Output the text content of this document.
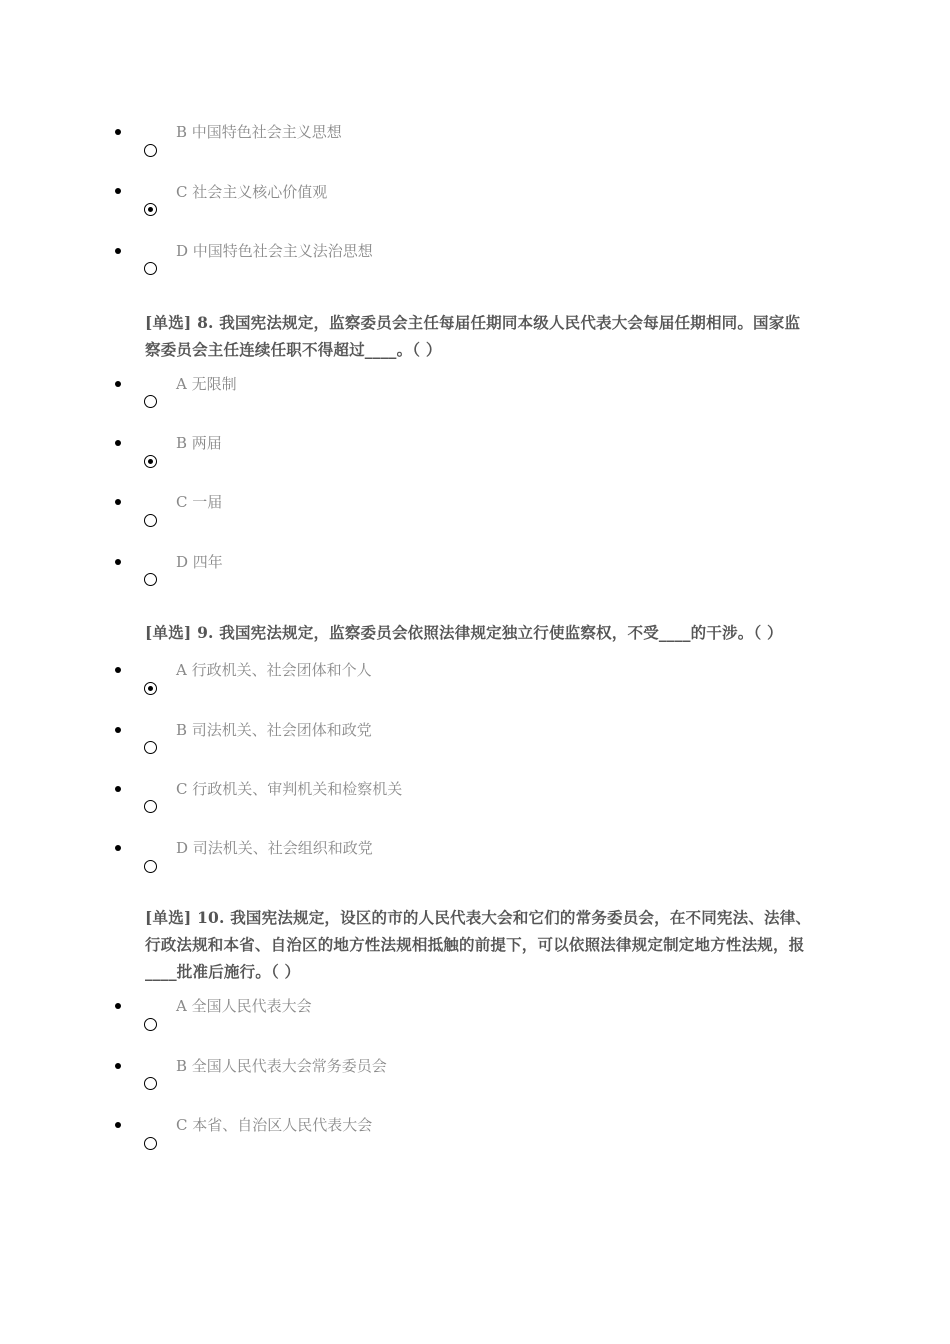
B 中国特色社会主义思想
C 社会主义核心价值观
D 中国特色社会主义法治思想
[单选] 8. 我国宪法规定，监察委员会主任每届任期同本级人民代表大会每届任期相同。国家监察委员会主任连续任职不得超过____。（ ）
A 无限制
B 两届
C 一届
D 四年
[单选] 9. 我国宪法规定，监察委员会依照法律规定独立行使监察权，不受____的干涉。（ ）
A 行政机关、社会团体和个人
B 司法机关、社会团体和政党
C 行政机关、审判机关和检察机关
D 司法机关、社会组织和政党
[单选] 10. 我国宪法规定，设区的市的人民代表大会和它们的常务委员会，在不同宪法、法律、行政法规和本省、自治区的地方性法规相抵触的前提下，可以依照法律规定制定地方性法规，报____批准后施行。（ ）
A 全国人民代表大会
B 全国人民代表大会常务委员会
C 本省、自治区人民代表大会
